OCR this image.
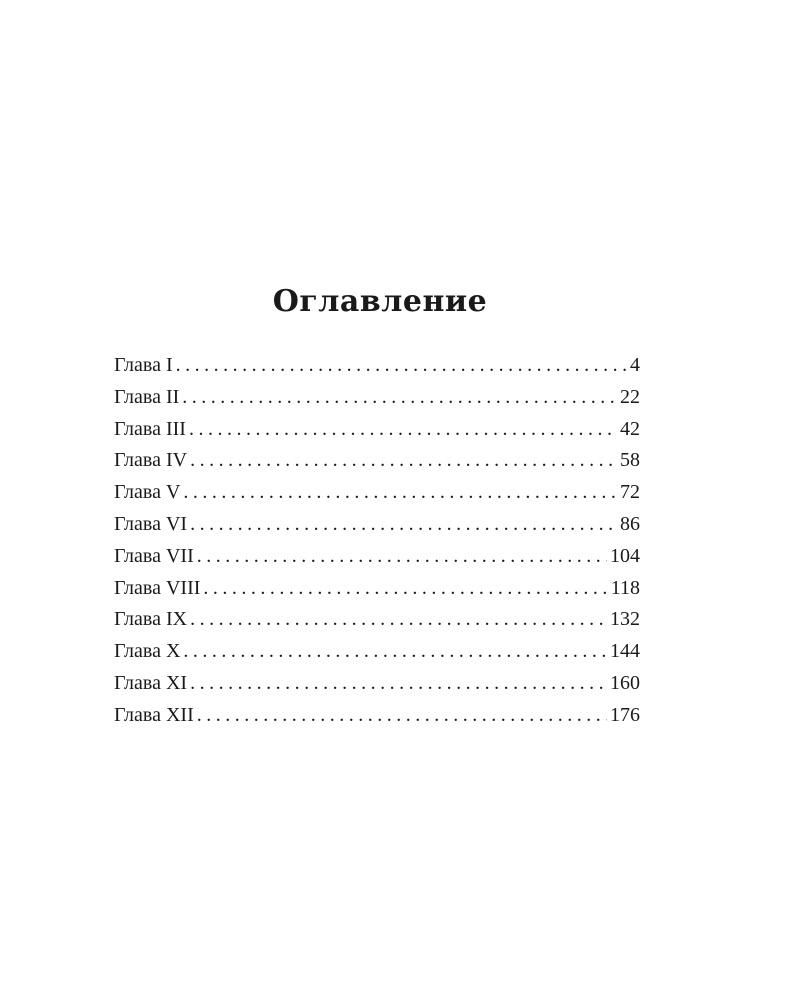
Оглавление
Глава I . . .	4
Глава II . . .	22
Глава III . . .	42
Глава IV . . .	58
Глава V . . .	72
Глава VI . . .	86
Глава VII . . .	104
Глава VIII . . .	118
Глава IX . . .	132
Глава X . . .	144
Глава XI . . .	160
Глава XII . . .	176
